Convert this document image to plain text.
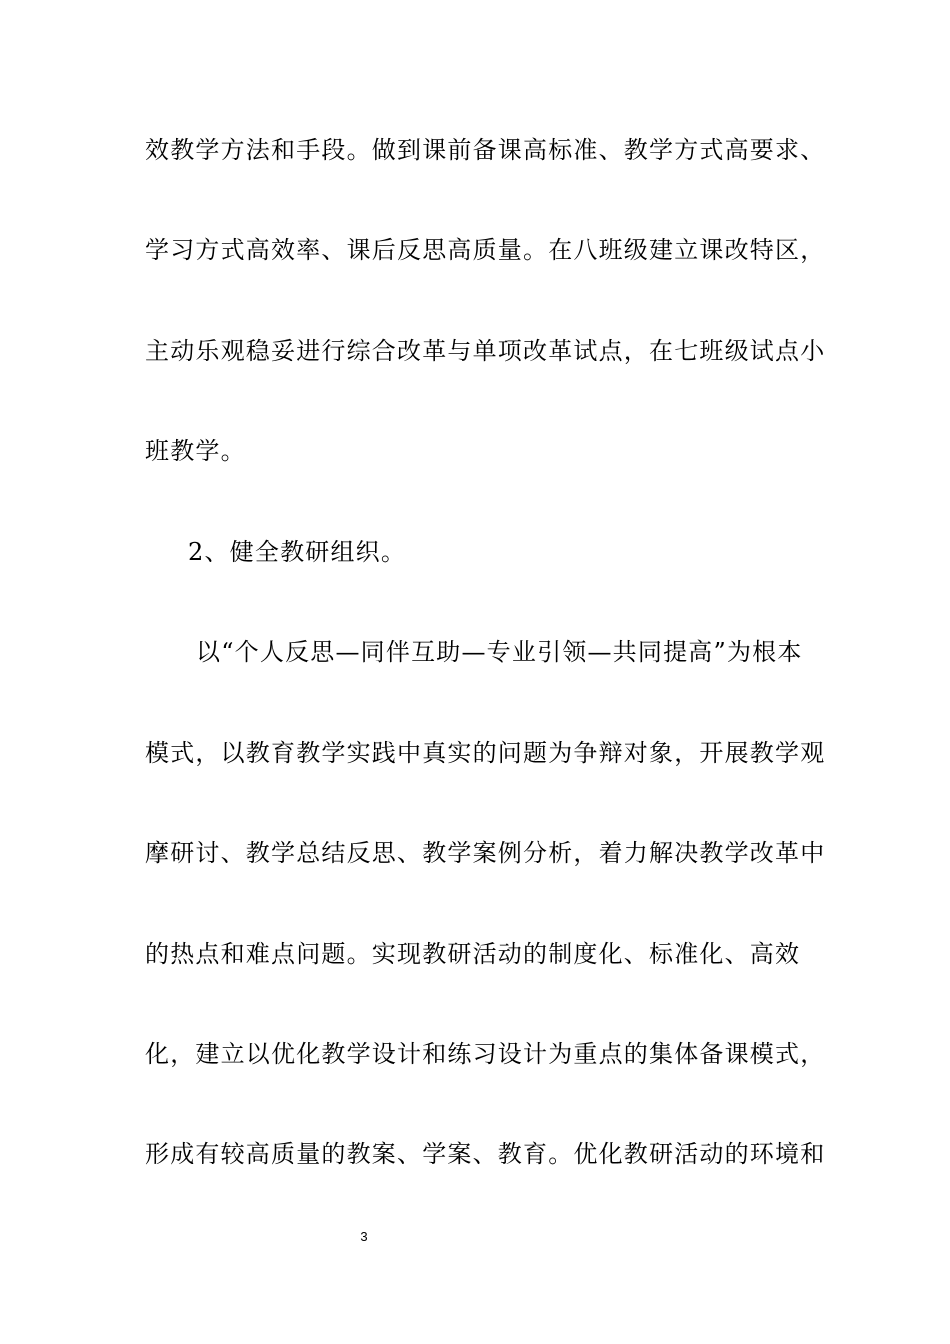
效教学方法和手段。做到课前备课高标准、教学方式高要求、
学习方式高效率、课后反思高质量。在八班级建立课改特区，
主动乐观稳妥进行综合改革与单项改革试点，在七班级试点小
班教学。
2、健全教研组织。
以“个人反思—同伴互助—专业引领—共同提高”为根本
模式，以教育教学实践中真实的问题为争辩对象，开展教学观
摩研讨、教学总结反思、教学案例分析，着力解决教学改革中
的热点和难点问题。实现教研活动的制度化、标准化、高效
化，建立以优化教学设计和练习设计为重点的集体备课模式，
形成有较高质量的教案、学案、教育。优化教研活动的环境和
3
